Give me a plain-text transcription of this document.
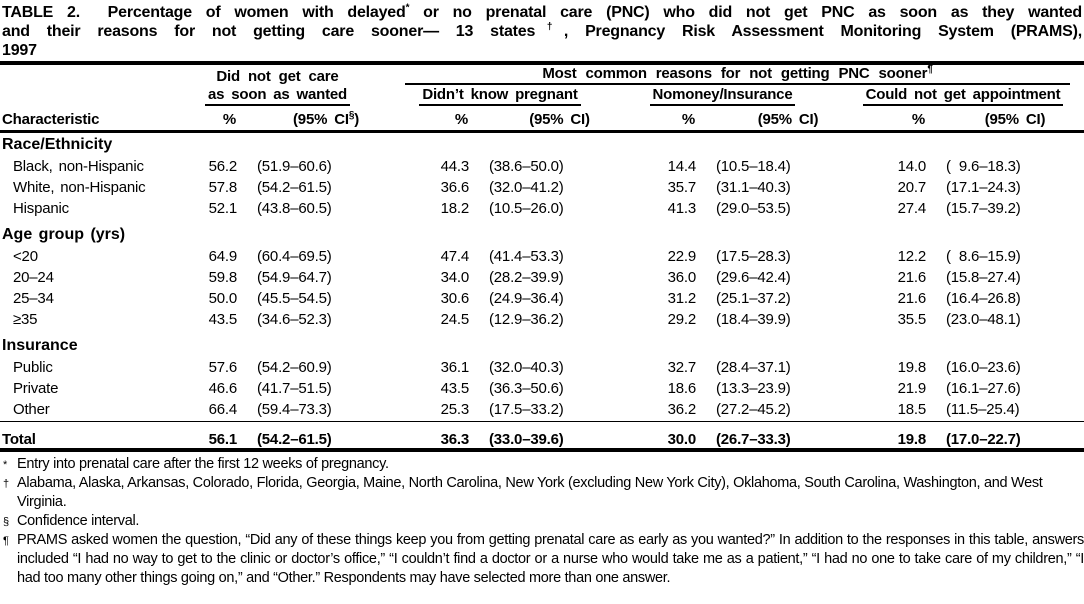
TABLE 2.  Percentage of women with delayed* or no prenatal care (PNC) who did not get PNC as soon as they wanted
and their reasons for not getting care sooner— 13 states†, Pregnancy Risk Assessment Monitoring System (PRAMS),
1997
Did not get care	Most common reasons for not getting PNC sooner¶
as soon as wanted	Didn’t know pregnant	Nomoney/Insurance	Could not get appointment
Characteristic	%	(95% CI§)	%	(95% CI)	%	(95% CI)	%	(95% CI)
Race/Ethnicity
Black, non-Hispanic	56.2	(51.9–60.6)	44.3	(38.6–50.0)	14.4	(10.5–18.4)	14.0	( 9.6–18.3)
White, non-Hispanic	57.8	(54.2–61.5)	36.6	(32.0–41.2)	35.7	(31.1–40.3)	20.7	(17.1–24.3)
Hispanic	52.1	(43.8–60.5)	18.2	(10.5–26.0)	41.3	(29.0–53.5)	27.4	(15.7–39.2)
Age group (yrs)
<20	64.9	(60.4–69.5)	47.4	(41.4–53.3)	22.9	(17.5–28.3)	12.2	( 8.6–15.9)
20–24	59.8	(54.9–64.7)	34.0	(28.2–39.9)	36.0	(29.6–42.4)	21.6	(15.8–27.4)
25–34	50.0	(45.5–54.5)	30.6	(24.9–36.4)	31.2	(25.1–37.2)	21.6	(16.4–26.8)
≥35	43.5	(34.6–52.3)	24.5	(12.9–36.2)	29.2	(18.4–39.9)	35.5	(23.0–48.1)
Insurance
Public	57.6	(54.2–60.9)	36.1	(32.0–40.3)	32.7	(28.4–37.1)	19.8	(16.0–23.6)
Private	46.6	(41.7–51.5)	43.5	(36.3–50.6)	18.6	(13.3–23.9)	21.9	(16.1–27.6)
Other	66.4	(59.4–73.3)	25.3	(17.5–33.2)	36.2	(27.2–45.2)	18.5	(11.5–25.4)
Total	56.1	(54.2–61.5)	36.3	(33.0–39.6)	30.0	(26.7–33.3)	19.8	(17.0–22.7)
* Entry into prenatal care after the first 12 weeks of pregnancy.
† Alabama, Alaska, Arkansas, Colorado, Florida, Georgia, Maine, North Carolina, New York (excluding New York City), Oklahoma, South Carolina, Washington, and West Virginia.
§ Confidence interval.
¶ PRAMS asked women the question, “Did any of these things keep you from getting prenatal care as early as you wanted?” In addition to the responses in this table, answers included “I had no way to get to the clinic or doctor’s office,” “I couldn’t find a doctor or a nurse who would take me as a patient,” “I had no one to take care of my children,” “I had too many other things going on,” and “Other.” Respondents may have selected more than one answer.
